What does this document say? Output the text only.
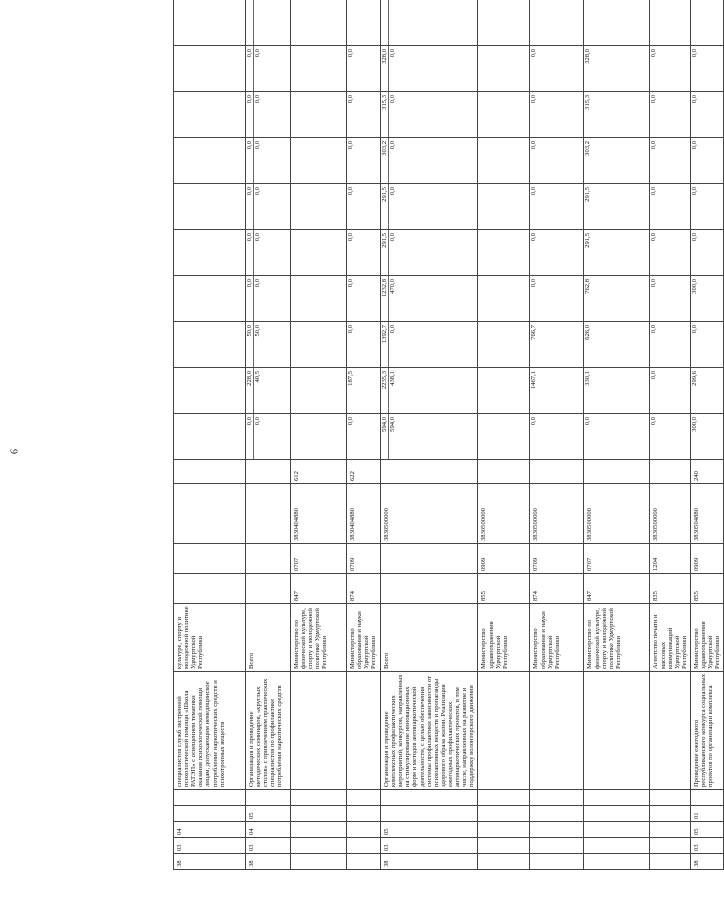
9
38	03	04			специалистов служб экстренной психологической помощи «Школа РАТЭП» с освещением тематики оказания психологической помощи лицам, допускающим немедицинское потребление наркотических средств и психотропных веществ	культуре, спорту и молодежной политике Удмуртской Республики					

38	03	04	05		Организация и проведение методических семинаров, «круглых столов» с привлечением практических специалистов по профилактике потребления наркотических средств	Всего					0,0 0,0	228,0 40,5	50,0 50,0	0,0 0,0	0,0 0,0	0,0 0,0	0,0 0,0	0,0 0,0	0,0 0,0

						Министерство по физической культуре, спорту и молодежной политике Удмуртской Республики	847	0707	3830404880	612	

						Министерство образования и науки Удмуртской Республики	874	0709	3830404880	622	0,0	187,5	0,0	0,0	0,0	0,0	0,0	0,0	0,0

38	03	05			Организация и проведение комплексных профилактических мероприятий, конкурсов, направленных на стимулирование инновационных форм и методов антинаркотической деятельности, с целью обеспечения системы профилактики зависимости от психоактивных веществ и пропаганды здорового образа жизни. Реализация ежегодных профилактических антинаркотических проектов, в том числе, направленных на развитие и поддержку волонтерского движения	Всего			3830500000		594,0 594,0	2235,3 438,1	1392,7 0,0	1232,8 470,0	291,5 0,0	291,5 0,0	303,2 0,0	315,3 0,0	328,0 0,0	

						Министерство здравоохранения Удмуртской Республики	855	0909	3830500000		

						Министерство образования и науки Удмуртской Республики	874	0709	3830500000		0,0	1467,1	766,7	0,0	0,0	0,0	0,0	0,0	0,0

						Министерство по физической культуре, спорту и молодежной политике Удмуртской Республики	847	0707	3830500000		0,0	330,1	626,0	762,8	291,5	291,5	303,2	315,3	328,0

						Агентство печати и массовых коммуникаций Удмуртской Республики	835	1204	3830500000		0,0	0,0	0,0	0,0	0,0	0,0	0,0	0,0	0,0

38	03	05	01		Проведение ежегодного республиканского конкурса социальных проектов по организации комплекса	Министерство здравоохранения Удмуртской Республики	855	0909	3830504880	240	300,0	299,6	0,0	300,0	0,0	0,0	0,0	0,0	0,0
